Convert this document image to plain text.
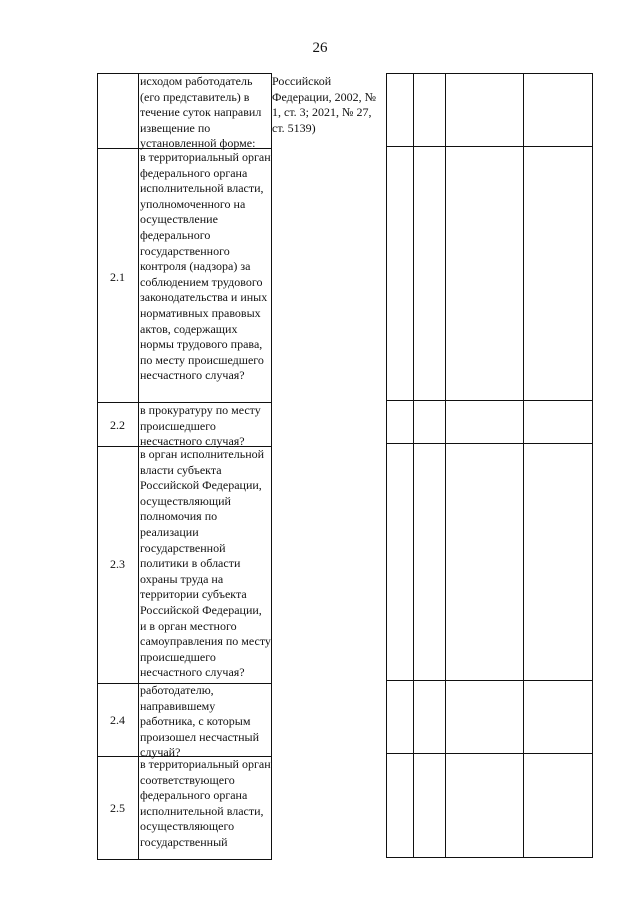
26
исходом работодатель (его представитель) в течение суток направил извещение по установленной форме:
2.1
в территориальный орган федерального органа исполнительной власти, уполномоченного на осуществление федерального государственного контроля (надзора) за соблюдением трудового законодательства и иных нормативных правовых актов, содержащих нормы трудового права, по месту происшедшего несчастного случая?
2.2
в прокуратуру по месту происшедшего несчастного случая?
2.3
в орган исполнительной власти субъекта Российской Федерации, осуществляющий полномочия по реализации государственной политики в области охраны труда на территории субъекта Российской Федерации, и в орган местного самоуправления по месту происшедшего несчастного случая?
2.4
работодателю, направившему работника, с которым произошел несчастный случай?
2.5
в территориальный орган соответствующего федерального органа исполнительной власти, осуществляющего государственный
Российской Федерации, 2002, № 1, ст. 3; 2021, № 27, ст. 5139)
